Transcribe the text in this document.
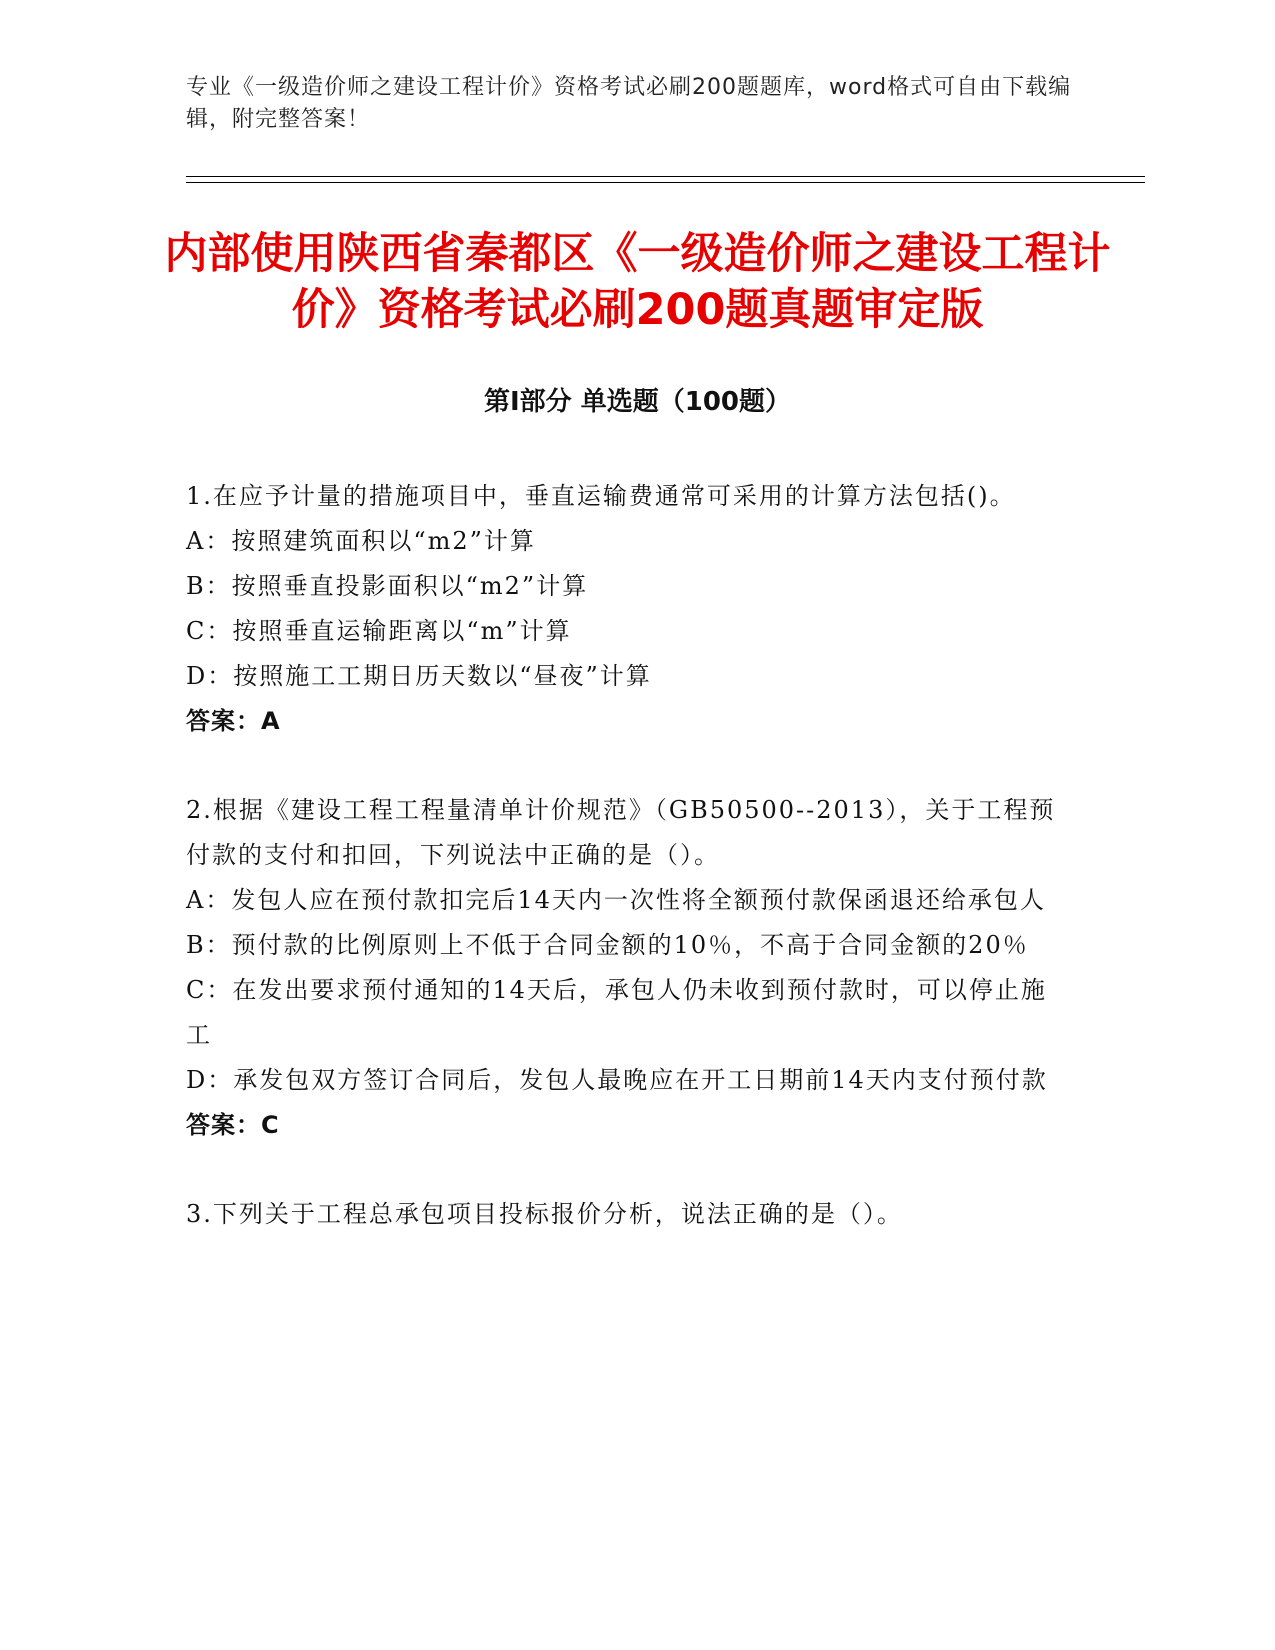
专业《一级造价师之建设工程计价》资格考试必刷200题题库，word格式可自由下载编辑，附完整答案！
内部使用陕西省秦都区《一级造价师之建设工程计价》资格考试必刷200题真题审定版
第Ⅰ部分 单选题（100题）
1.在应予计量的措施项目中，垂直运输费通常可采用的计算方法包括()。
A：按照建筑面积以“m2”计算
B：按照垂直投影面积以“m2”计算
C：按照垂直运输距离以“m”计算
D：按照施工工期日历天数以“昼夜”计算
答案：A
2.根据《建设工程工程量清单计价规范》（GB50500--2013），关于工程预付款的支付和扣回，下列说法中正确的是（）。
A：发包人应在预付款扣完后14天内一次性将全额预付款保函退还给承包人
B：预付款的比例原则上不低于合同金额的10％，不高于合同金额的20％
C：在发出要求预付通知的14天后，承包人仍未收到预付款时，可以停止施工
D：承发包双方签订合同后，发包人最晚应在开工日期前14天内支付预付款
答案：C
3.下列关于工程总承包项目投标报价分析，说法正确的是（）。
